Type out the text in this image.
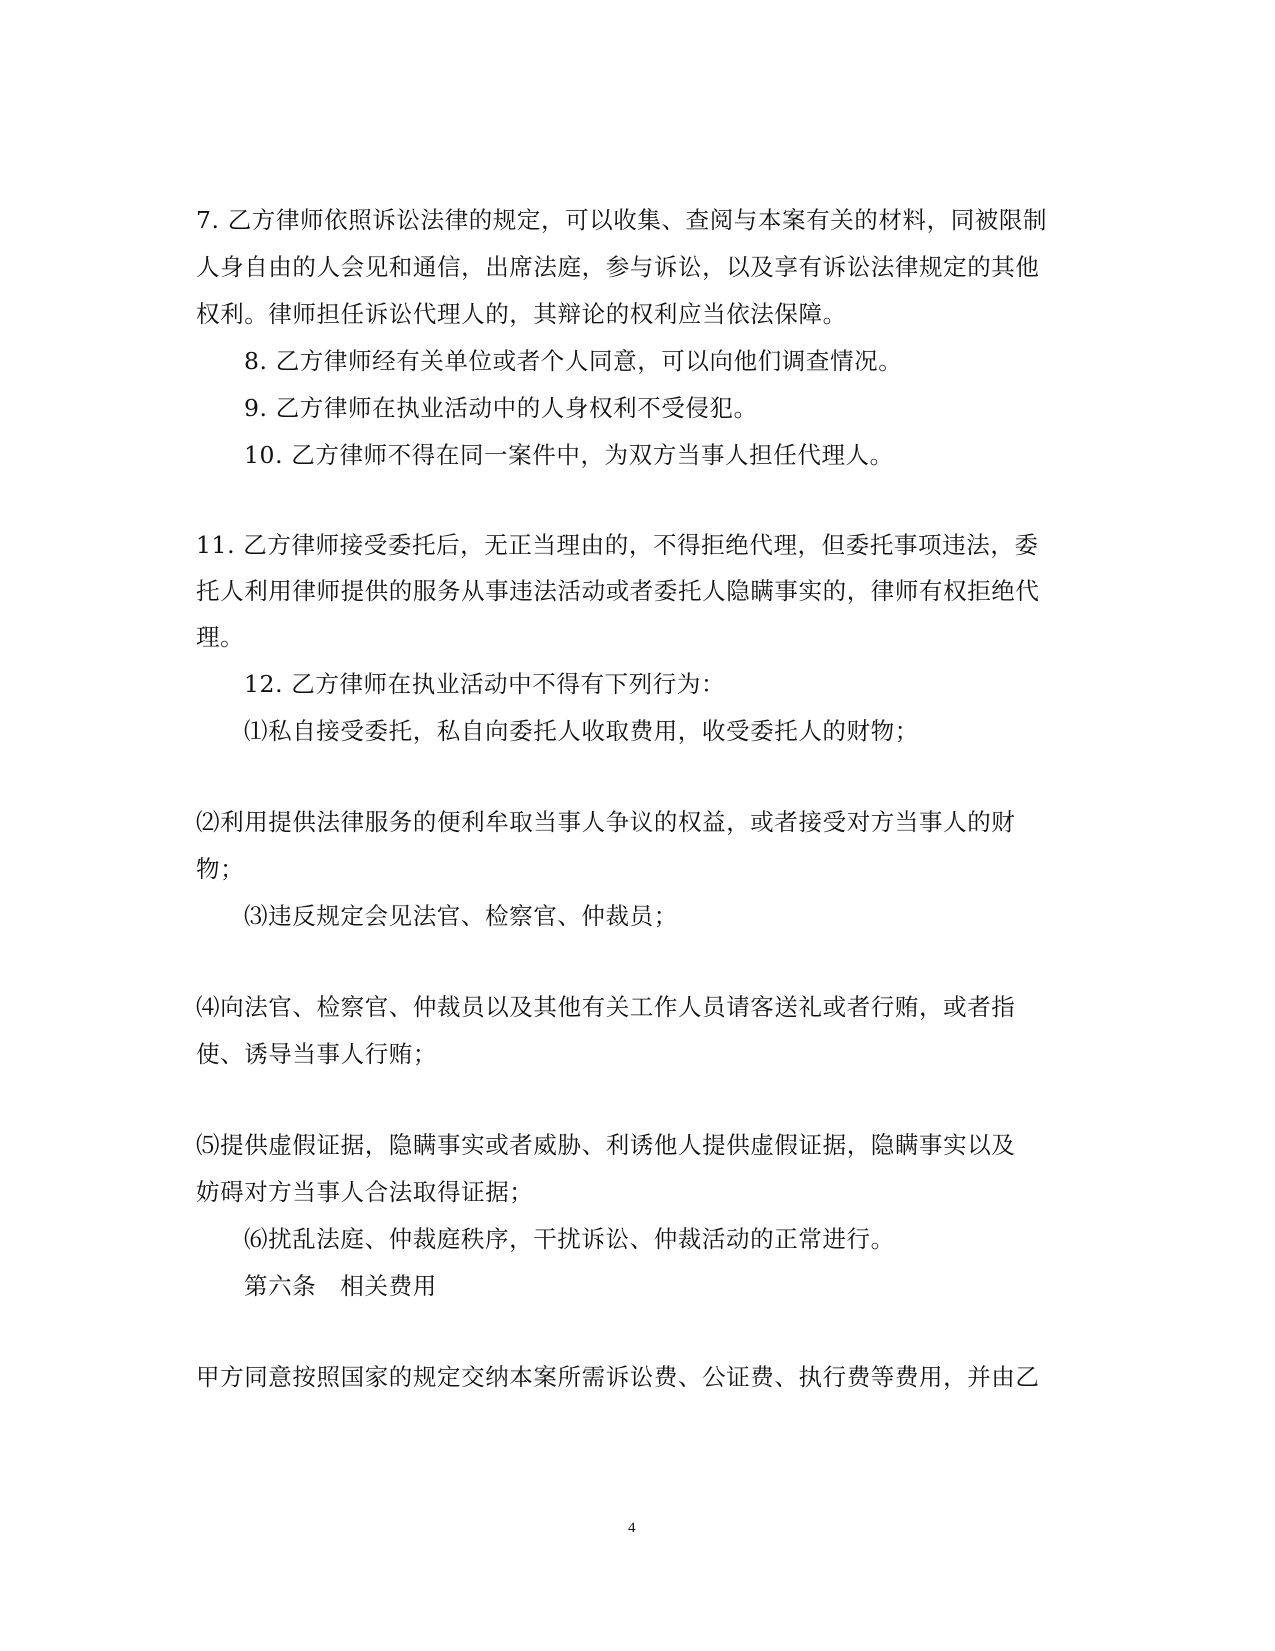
7. 乙方律师依照诉讼法律的规定，可以收集、查阅与本案有关的材料，同被限制
人身自由的人会见和通信，出席法庭，参与诉讼，以及享有诉讼法律规定的其他
权利。律师担任诉讼代理人的，其辩论的权利应当依法保障。
8. 乙方律师经有关单位或者个人同意，可以向他们调查情况。
9. 乙方律师在执业活动中的人身权利不受侵犯。
10. 乙方律师不得在同一案件中，为双方当事人担任代理人。
11. 乙方律师接受委托后，无正当理由的，不得拒绝代理，但委托事项违法，委
托人利用律师提供的服务从事违法活动或者委托人隐瞒事实的，律师有权拒绝代
理。
12. 乙方律师在执业活动中不得有下列行为：
⑴私自接受委托，私自向委托人收取费用，收受委托人的财物；
⑵利用提供法律服务的便利牟取当事人争议的权益，或者接受对方当事人的财
物；
⑶违反规定会见法官、检察官、仲裁员；
⑷向法官、检察官、仲裁员以及其他有关工作人员请客送礼或者行贿，或者指
使、诱导当事人行贿；
⑸提供虚假证据，隐瞒事实或者威胁、利诱他人提供虚假证据，隐瞒事实以及
妨碍对方当事人合法取得证据；
⑹扰乱法庭、仲裁庭秩序，干扰诉讼、仲裁活动的正常进行。
第六条　相关费用
甲方同意按照国家的规定交纳本案所需诉讼费、公证费、执行费等费用，并由乙
4
